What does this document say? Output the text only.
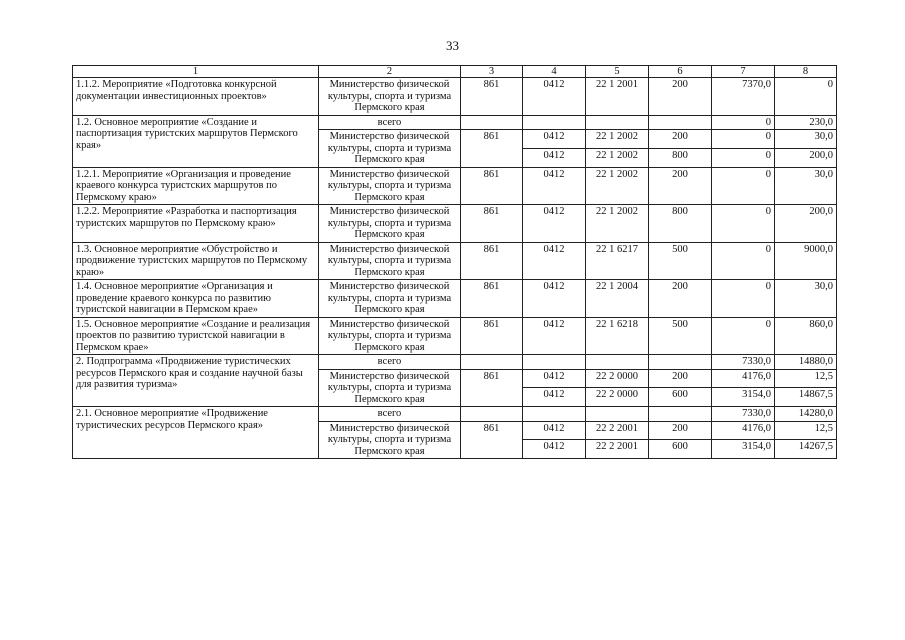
33
1	2	3	4	5	6	7	8
1.1.2. Мероприятие «Подготовка конкурсной документации инвестиционных проектов»	Министерство физической культуры, спорта и туризма Пермского края	861	0412	22 1 2001	200	7370,0	0
1.2. Основное мероприятие «Создание и паспортизация туристских маршрутов Пермского края»	всего					0	230,0
	Министерство физической культуры, спорта и туризма Пермского края	861	0412	22 1 2002	200	0	30,0
			0412	22 1 2002	800	0	200,0
1.2.1. Мероприятие «Организация и проведение краевого конкурса туристских маршрутов по Пермскому краю»	Министерство физической культуры, спорта и туризма Пермского края	861	0412	22 1 2002	200	0	30,0
1.2.2. Мероприятие «Разработка и паспортизация туристских маршрутов по Пермскому краю»	Министерство физической культуры, спорта и туризма Пермского края	861	0412	22 1 2002	800	0	200,0
1.3. Основное мероприятие «Обустройство и продвижение туристских маршрутов по Пермскому краю»	Министерство физической культуры, спорта и туризма Пермского края	861	0412	22 1 6217	500	0	9000,0
1.4. Основное мероприятие «Организация и проведение краевого конкурса по развитию туристской навигации в Пермском крае»	Министерство физической культуры, спорта и туризма Пермского края	861	0412	22 1 2004	200	0	30,0
1.5. Основное мероприятие «Создание и реализация проектов по развитию туристской навигации в Пермском крае»	Министерство физической культуры, спорта и туризма Пермского края	861	0412	22 1 6218	500	0	860,0
2. Подпрограмма «Продвижение туристических ресурсов Пермского края и создание научной базы для развития туризма»	всего					7330,0	14880,0
	Министерство физической культуры, спорта и туризма Пермского края	861	0412	22 2 0000	200	4176,0	12,5
			0412	22 2 0000	600	3154,0	14867,5
2.1. Основное мероприятие «Продвижение туристических ресурсов Пермского края»	всего					7330,0	14280,0
	Министерство физической культуры, спорта и туризма Пермского края	861	0412	22 2 2001	200	4176,0	12,5
			0412	22 2 2001	600	3154,0	14267,5
